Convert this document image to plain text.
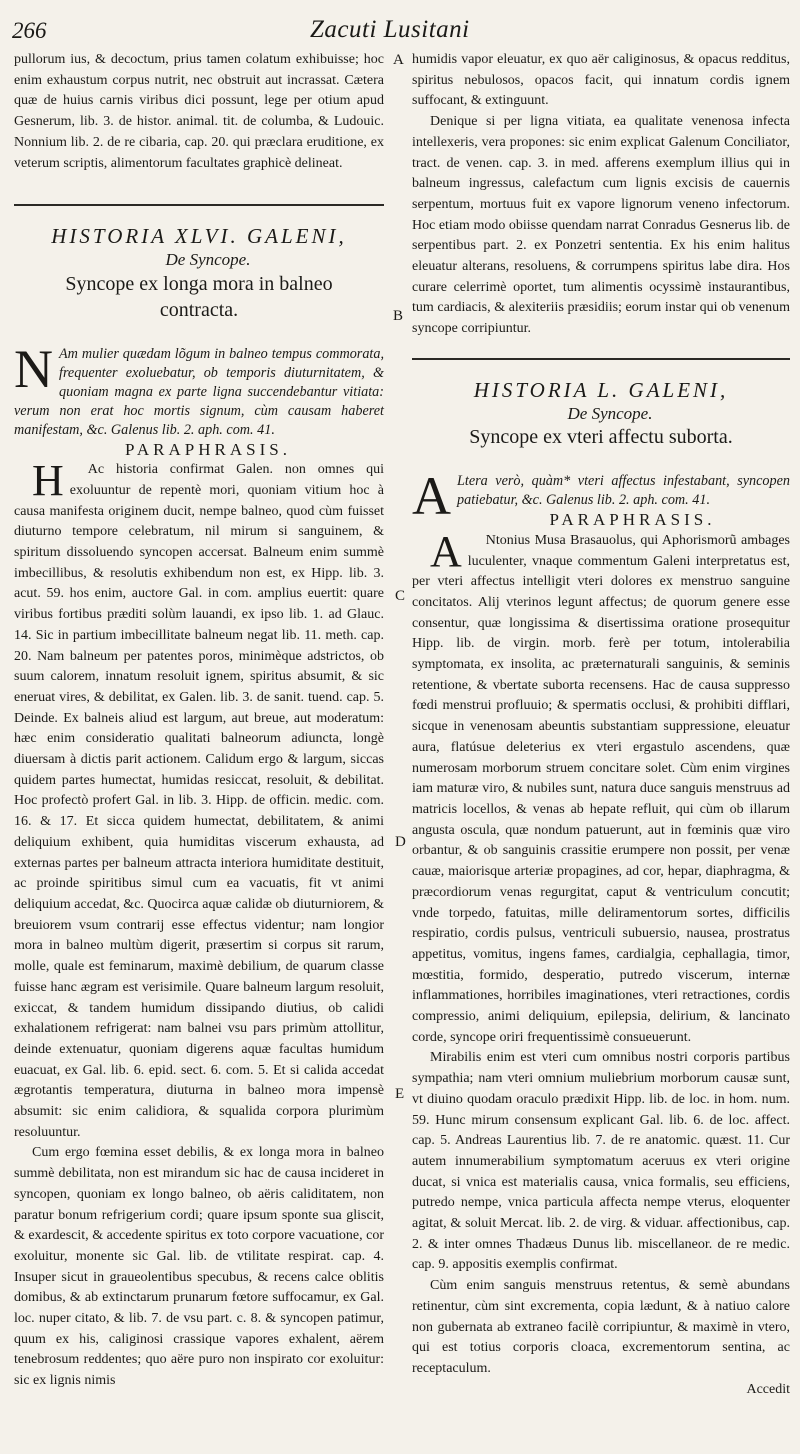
266	Zacuti Lusitani
A
B
C
D
E

pullorum ius, & decoctum, prius tamen colatum exhibuisse; hoc enim exhaustum corpus nutrit, nec obstruit aut incrassat. Cætera quæ de huius carnis viribus dici possunt, lege per otium apud Gesnerum, lib. 3. de histor. animal. tit. de columba, & Ludouic. Nonnium lib. 2. de re cibaria, cap. 20. qui præclara eruditione, ex veterum scriptis, alimentorum facultates graphicè delineat.

HISTORIA XLVI. GALENI,

De Syncope.

Syncope ex longa mora in balneo
contracta.

N Am mulier quædam lõgum in balneo tempus commorata, frequenter exoluebatur, ob temporis diuturnitatem, & quoniam magna ex parte ligna succendebantur vitiata: verum non erat hoc mortis signum, cùm causam haberet manifestam, &c. Galenus lib. 2. aph. com. 41.

PARAPHRASIS.

H Ac historia confirmat Galen. non omnes qui exoluuntur de repentè mori, quoniam vitium hoc à causa manifesta originem ducit, nempe balneo, quod cùm fuisset diuturno tempore celebratum, nil mirum si sanguinem, & spiritum dissoluendo syncopen accersat. Balneum enim summè imbecillibus, & resolutis exhibendum non est, ex Hipp. lib. 3. acut. 59. hos enim, auctore Gal. in com. amplius euertit: quare viribus fortibus præditi solùm lauandi, ex ipso lib. 1. ad Glauc. 14. Sic in partium imbecillitate balneum negat lib. 11. meth. cap. 20. Nam balneum per patentes poros, minimèque adstrictos, ob suum calorem, innatum resoluit ignem, spiritus absumit, & sic eneruat vires, & debilitat, ex Galen. lib. 3. de sanit. tuend. cap. 5. Deinde. Ex balneis aliud est largum, aut breue, aut moderatum: hæc enim consideratio qualitati balneorum adiuncta, longè diuersam à dictis parit actionem. Calidum ergo & largum, siccas quidem partes humectat, humidas resiccat, resoluit, & debilitat. Hoc profectò profert Gal. in lib. 3. Hipp. de officin. medic. com. 16. & 17. Et sicca quidem humectat, debilitatem, & animi deliquium exhibent, quia humiditas viscerum exhausta, ad externas partes per balneum attracta interiora humiditate destituit, ac proinde spiritibus simul cum ea vacuatis, fit vt animi deliquium accedat, &c. Quocirca aquæ calidæ ob diuturniorem, & breuiorem vsum contrarij esse effectus videntur; nam longior mora in balneo multùm digerit, præsertim si corpus sit rarum, molle, quale est feminarum, maximè debilium, de quarum classe fuisse hanc ægram est verisimile. Quare balneum largum resoluit, exiccat, & tandem humidum dissipando diutius, ob calidi exhalationem refrigerat: nam balnei vsu pars primùm attollitur, deinde extenuatur, quoniam digerens aquæ facultas humidum euacuat, ex Gal. lib. 6. epid. sect. 6. com. 5. Et si calida accedat ægrotantis temperatura, diuturna in balneo mora impensè absumit: sic enim calidiora, & squalida corpora plurimùm resoluuntur.

Cum ergo fœmina esset debilis, & ex longa mora in balneo summè debilitata, non est mirandum sic hac de causa incideret in syncopen, quoniam ex longo balneo, ob aëris caliditatem, non paratur bonum refrigerium cordi; quare ipsum sponte sua gliscit, & exardescit, & accedente spiritus ex toto corpore vacuatione, cor exoluitur, monente sic Gal. lib. de vtilitate respirat. cap. 4. Insuper sicut in graueolentibus specubus, & recens calce oblitis domibus, & ab extinctarum prunarum fœtore suffocamur, ex Gal. loc. nuper citato, & lib. 7. de vsu part. c. 8. & syncopen patimur, quum ex his, caliginosi crassique vapores exhalent, aërem tenebrosum reddentes; quo aëre puro non inspirato cor exoluitur: sic ex lignis nimis

humidis vapor eleuatur, ex quo aër caliginosus, & opacus redditus, spiritus nebulosos, opacos facit, qui innatum cordis ignem suffocant, & extinguunt.

Denique si per ligna vitiata, ea qualitate venenosa infecta intellexeris, vera propones: sic enim explicat Galenum Conciliator, tract. de venen. cap. 3. in med. afferens exemplum illius qui in balneum ingressus, calefactum cum lignis excisis de cauernis serpentum, mortuus fuit ex vapore lignorum veneno infectorum. Hoc etiam modo obiisse quendam narrat Conradus Gesnerus lib. de serpentibus part. 2. ex Ponzetri sententia. Ex his enim halitus eleuatur alterans, resoluens, & corrumpens spiritus labe dira. Hos curare celerrimè oportet, tum alimentis ocyssimè instaurantibus, tum cardiacis, & alexiteriis præsidiis; eorum instar qui ob venenum syncope corripiuntur.

HISTORIA L. GALENI,

De Syncope.

Syncope ex vteri affectu suborta.

A Ltera verò, quàm* vteri affectus infestabant, syncopen patiebatur, &c. Galenus lib. 2. aph. com. 41.

PARAPHRASIS.

A Ntonius Musa Brasauolus, qui Aphorismorũ ambages luculenter, vnaque commentum Galeni interpretatus est, per vteri affectus intelligit vteri dolores ex menstruo sanguine concitatos. Alij vterinos legunt affectus; de quorum genere esse consentur, quæ longissima & disertissima oratione prosequitur Hipp. lib. de virgin. morb. ferè per totum, intolerabilia symptomata, ex insolita, ac præternaturali sanguinis, & seminis retentione, & vbertate suborta recensens. Hac de causa suppresso fœdi menstrui profluuio; & spermatis occlusi, & prohibiti difflari, sicque in venenosam abeuntis substantiam suppressione, eleuatur aura, flatúsue deleterius ex vteri ergastulo ascendens, quæ numerosam morborum struem concitare solet. Cùm enim virgines iam maturæ viro, & nubiles sunt, natura duce sanguis menstruus ad matricis locellos, & venas ab hepate refluit, qui cùm ob illarum angusta oscula, quæ nondum patuerunt, aut in fœminis quæ viro orbantur, & ob sanguinis crassitie erumpere non possit, per venæ cauæ, maiorisque arteriæ propagines, ad cor, hepar, diaphragma, & præcordiorum venas regurgitat, caput & ventriculum concutit; vnde torpedo, fatuitas, mille deliramentorum sortes, difficilis respiratio, cordis pulsus, ventriculi subuersio, nausea, prostratus appetitus, vomitus, ingens fames, cardialgia, cephallagia, timor, mœstitia, formido, desperatio, putredo viscerum, internæ inflammationes, horribiles imaginationes, vteri retractiones, cordis compressio, animi deliquium, epilepsia, delirium, & lancinato corde, syncope oriri frequentissimè consueuerunt.

Mirabilis enim est vteri cum omnibus nostri corporis partibus sympathia; nam vteri omnium muliebrium morborum causæ sunt, vt diuino quodam oraculo prædixit Hipp. lib. de loc. in hom. num. 59. Hunc mirum consensum explicant Gal. lib. 6. de loc. affect. cap. 5. Andreas Laurentius lib. 7. de re anatomic. quæst. 11. Cur autem innumerabilium symptomatum aceruus ex vteri origine ducat, si vnica est materialis causa, vnica formalis, seu efficiens, putredo nempe, vnica particula affecta nempe vterus, eloquenter agitat, & soluit Mercat. lib. 2. de virg. & viduar. affectionibus, cap. 2. & inter omnes Thadæus Dunus lib. miscellaneor. de re medic. cap. 9. appositis exemplis confirmat.

Cùm enim sanguis menstruus retentus, & semè abundans retinentur, cùm sint excrementa, copia lædunt, & à natiuo calore non gubernata ab extraneo facilè corripiuntur, & maximè in vtero, qui est totius corporis cloaca, excrementorum sentina, ac receptaculum.

Accedit
